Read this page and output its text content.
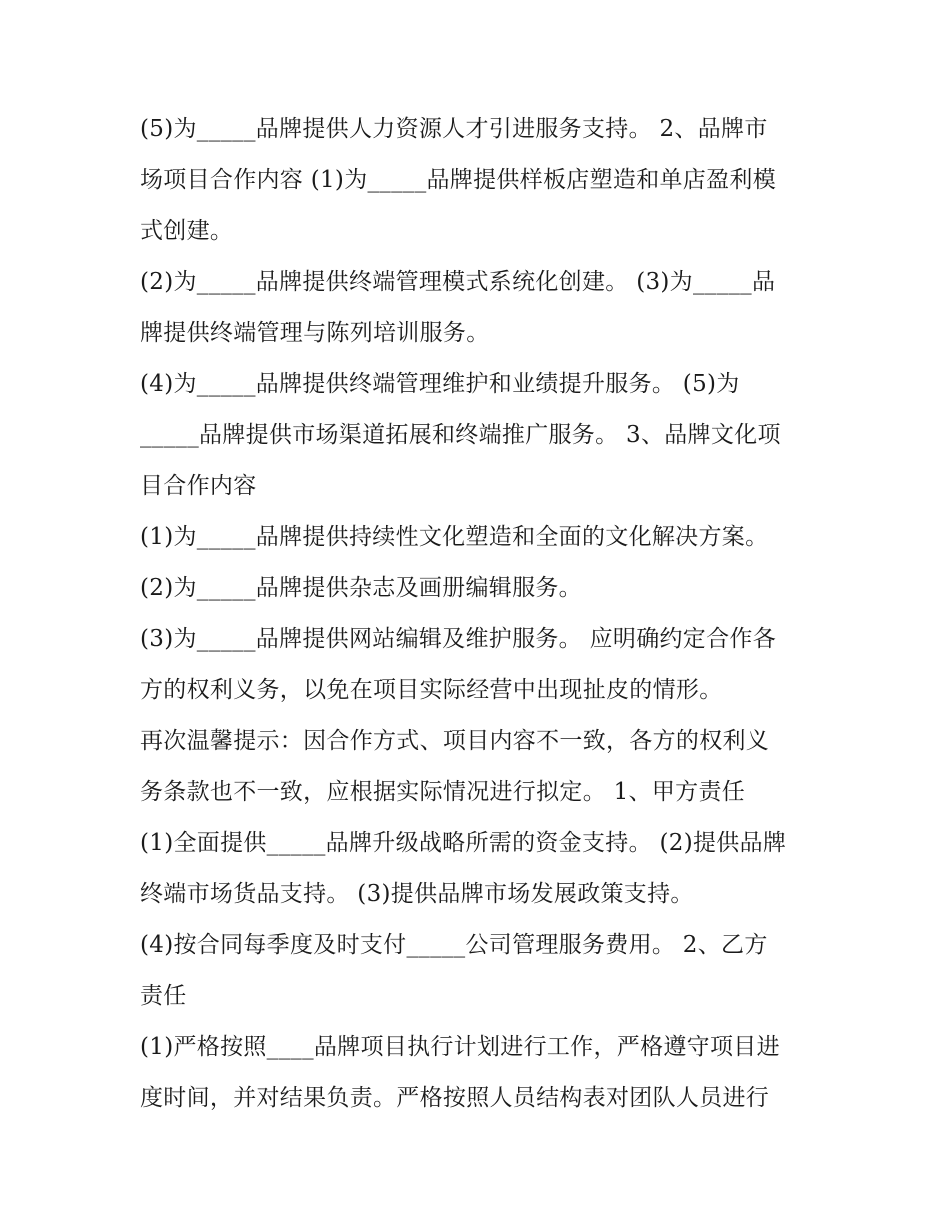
(5)为_____品牌提供人力资源人才引进服务支持。 2、品牌市
场项目合作内容 (1)为_____品牌提供样板店塑造和单店盈利模
式创建。
(2)为_____品牌提供终端管理模式系统化创建。 (3)为_____品
牌提供终端管理与陈列培训服务。
(4)为_____品牌提供终端管理维护和业绩提升服务。 (5)为
_____品牌提供市场渠道拓展和终端推广服务。 3、品牌文化项
目合作内容
(1)为_____品牌提供持续性文化塑造和全面的文化解决方案。
(2)为_____品牌提供杂志及画册编辑服务。
(3)为_____品牌提供网站编辑及维护服务。 应明确约定合作各
方的权利义务，以免在项目实际经营中出现扯皮的情形。
再次温馨提示：因合作方式、项目内容不一致，各方的权利义
务条款也不一致，应根据实际情况进行拟定。 1、甲方责任
(1)全面提供_____品牌升级战略所需的资金支持。 (2)提供品牌
终端市场货品支持。 (3)提供品牌市场发展政策支持。
(4)按合同每季度及时支付_____公司管理服务费用。 2、乙方
责任
(1)严格按照____品牌项目执行计划进行工作，严格遵守项目进
度时间，并对结果负责。严格按照人员结构表对团队人员进行
